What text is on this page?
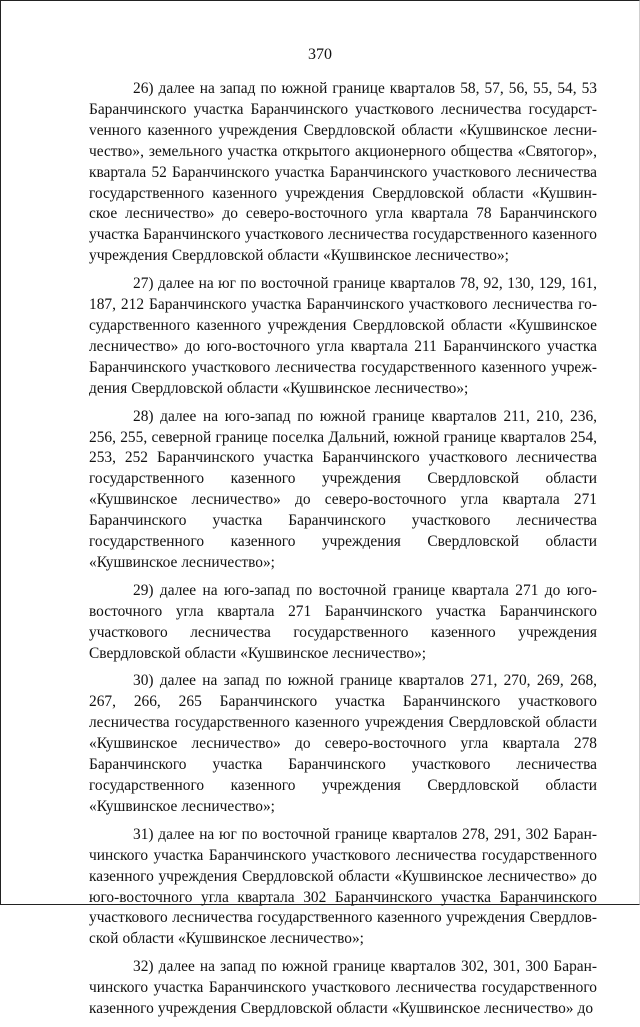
370

26) далее на запад по южной границе кварталов 58, 57, 56, 55, 54, 53 Баранчинского участка Баранчинского участкового лесничества государстvенного казенного учреждения Свердловской области «Кушвинское лесничество», земельного участка открытого акционерного общества «Святогор», квартала 52 Баранчинского участка Баранчинского участкового лесничества государственного казенного учреждения Свердловской области «Кушвинское лесничество» до северо-восточного угла квартала 78 Баранчинского участка Баранчинского участкового лесничества государственного казенного учреждения Свердловской области «Кушвинское лесничество»;

27) далее на юг по восточной границе кварталов 78, 92, 130, 129, 161, 187, 212 Баранчинского участка Баранчинского участкового лесничества государственного казенного учреждения Свердловской области «Кушвинское лесничество» до юго-восточного угла квартала 211 Баранчинского участка Баранчинского участкового лесничества государственного казенного учреждения Свердловской области «Кушвинское лесничество»;

28) далее на юго-запад по южной границе кварталов 211, 210, 236, 256, 255, северной границе поселка Дальний, южной границе кварталов 254, 253, 252 Баранчинского участка Баранчинского участкового лесничества государственного казенного учреждения Свердловской области «Кушвинское лесничество» до северо-восточного угла квартала 271 Баранчинского участка Баранчинского участкового лесничества государственного казенного учреждения Свердловской области «Кушвинское лесничество»;

29) далее на юго-запад по восточной границе квартала 271 до юго-восточного угла квартала 271 Баранчинского участка Баранчинского участкового лесничества государственного казенного учреждения Свердловской области «Кушвинское лесничество»;

30) далее на запад по южной границе кварталов 271, 270, 269, 268, 267, 266, 265 Баранчинского участка Баранчинского участкового лесничества государственного казенного учреждения Свердловской области «Кушвинское лесничество» до северо-восточного угла квартала 278 Баранчинского участка Баранчинского участкового лесничества государственного казенного учреждения Свердловской области «Кушвинское лесничество»;

31) далее на юг по восточной границе кварталов 278, 291, 302 Баранчинского участка Баранчинского участкового лесничества государственного казенного учреждения Свердловской области «Кушвинское лесничество» до юго-восточного угла квартала 302 Баранчинского участка Баранчинского участкового лесничества государственного казенного учреждения Свердловской области «Кушвинское лесничество»;

32) далее на запад по южной границе кварталов 302, 301, 300 Баранчинского участка Баранчинского участкового лесничества государственного казенного учреждения Свердловской области «Кушвинское лесничество» до
